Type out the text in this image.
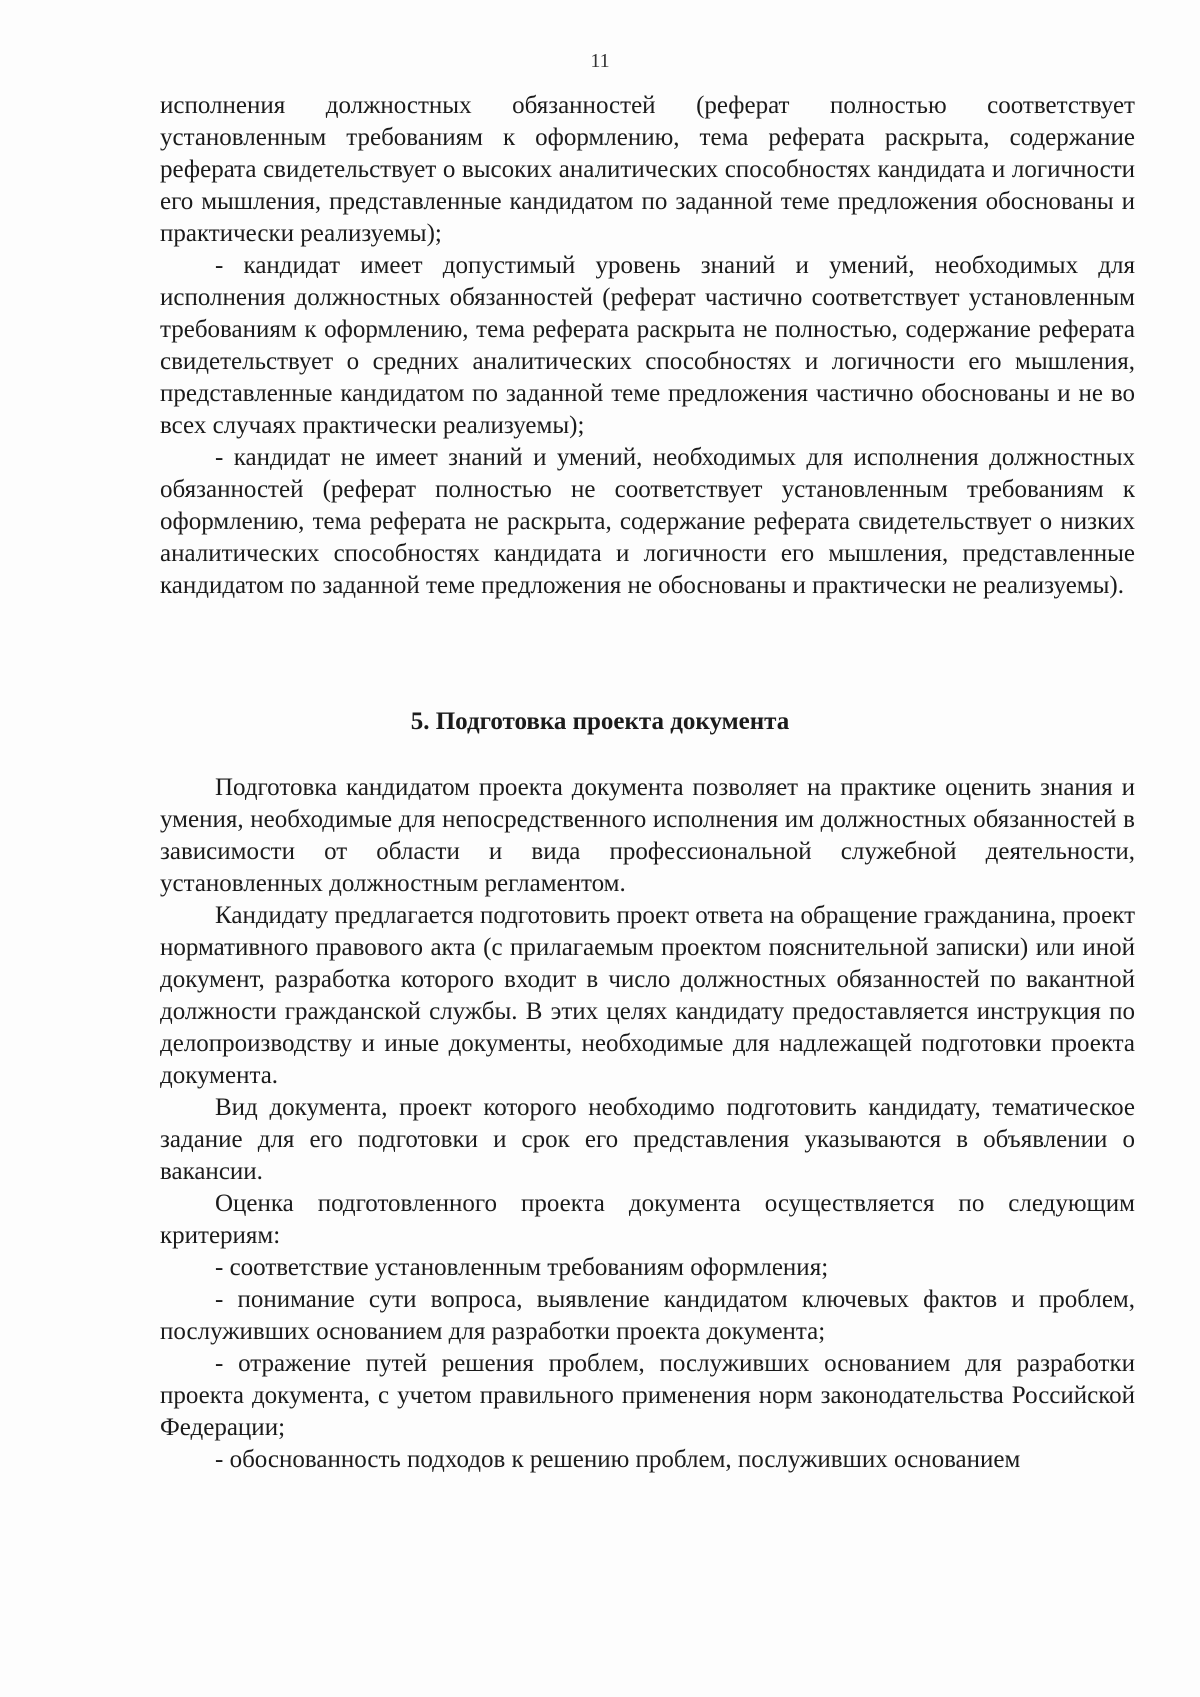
11

исполнения должностных обязанностей (реферат полностью соответствует установленным требованиям к оформлению, тема реферата раскрыта, содержание реферата свидетельствует о высоких аналитических способностях кандидата и логичности его мышления, представленные кандидатом по заданной теме предложения обоснованы и практически реализуемы);

- кандидат имеет допустимый уровень знаний и умений, необходимых для исполнения должностных обязанностей (реферат частично соответствует установленным требованиям к оформлению, тема реферата раскрыта не полностью, содержание реферата свидетельствует о средних аналитических способностях и логичности его мышления, представленные кандидатом по заданной теме предложения частично обоснованы и не во всех случаях практически реализуемы);

- кандидат не имеет знаний и умений, необходимых для исполнения должностных обязанностей (реферат полностью не соответствует установленным требованиям к оформлению, тема реферата не раскрыта, содержание реферата свидетельствует о низких аналитических способностях кандидата и логичности его мышления, представленные кандидатом по заданной теме предложения не обоснованы и практически не реализуемы).

5. Подготовка проекта документа

Подготовка кандидатом проекта документа позволяет на практике оценить знания и умения, необходимые для непосредственного исполнения им должностных обязанностей в зависимости от области и вида профессиональной служебной деятельности, установленных должностным регламентом.

Кандидату предлагается подготовить проект ответа на обращение гражданина, проект нормативного правового акта (с прилагаемым проектом пояснительной записки) или иной документ, разработка которого входит в число должностных обязанностей по вакантной должности гражданской службы. В этих целях кандидату предоставляется инструкция по делопроизводству и иные документы, необходимые для надлежащей подготовки проекта документа.

Вид документа, проект которого необходимо подготовить кандидату, тематическое задание для его подготовки и срок его представления указываются в объявлении о вакансии.

Оценка подготовленного проекта документа осуществляется по следующим критериям:

- соответствие установленным требованиям оформления;

- понимание сути вопроса, выявление кандидатом ключевых фактов и проблем, послуживших основанием для разработки проекта документа;

- отражение путей решения проблем, послуживших основанием для разработки проекта документа, с учетом правильного применения норм законодательства Российской Федерации;

- обоснованность подходов к решению проблем, послуживших основанием
